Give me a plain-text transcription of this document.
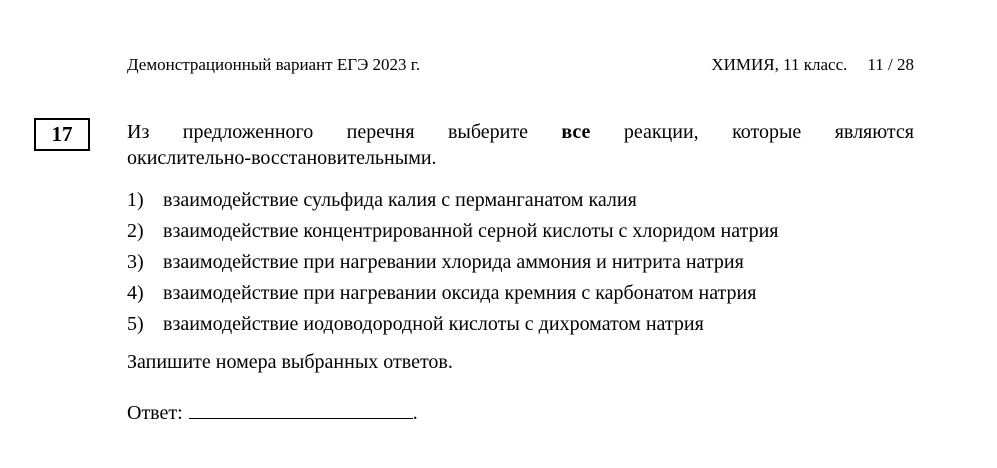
Демонстрационный вариант ЕГЭ 2023 г.	ХИМИЯ, 11 класс. 11 / 28
17	Из предложенного перечня выберите все реакции, которые являются
окислительно-восстановительными.
1) взаимодействие сульфида калия с перманганатом калия
2) взаимодействие концентрированной серной кислоты с хлоридом натрия
3) взаимодействие при нагревании хлорида аммония и нитрита натрия
4) взаимодействие при нагревании оксида кремния с карбонатом натрия
5) взаимодействие иодоводородной кислоты с дихроматом натрия
Запишите номера выбранных ответов.
Ответ:	.
